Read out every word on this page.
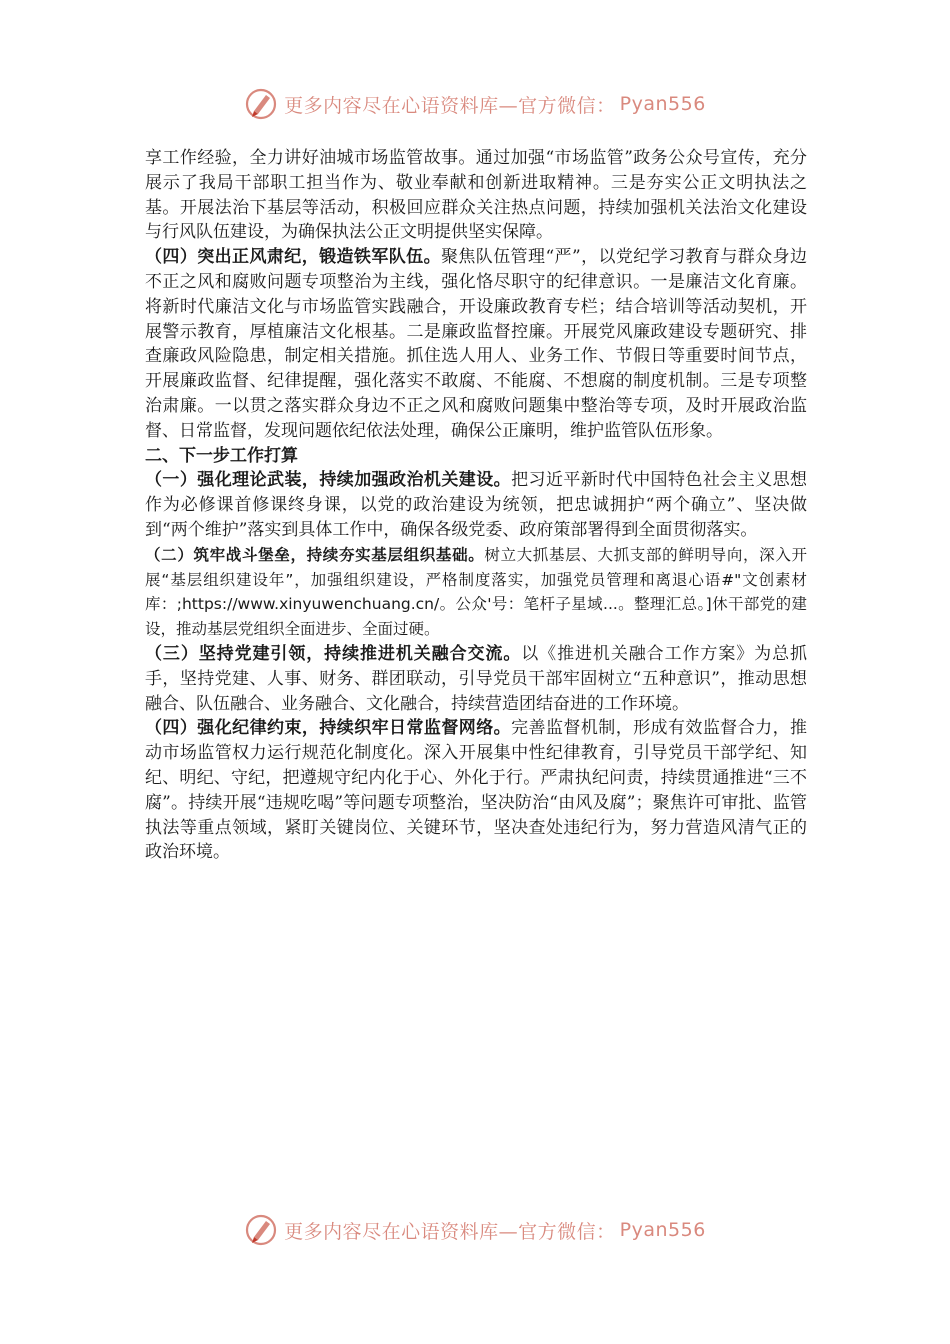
更多内容尽在心语资料库—官方微信： Pyan556

享工作经验，全力讲好油城市场监管故事。通过加强“市场监管”政务公众号宣传，充分展示了我局干部职工担当作为、敬业奉献和创新进取精神。三是夯实公正文明执法之基。开展法治下基层等活动，积极回应群众关注热点问题，持续加强机关法治文化建设与行风队伍建设，为确保执法公正文明提供坚实保障。

（四）突出正风肃纪，锻造铁军队伍。聚焦队伍管理“严”，以党纪学习教育与群众身边不正之风和腐败问题专项整治为主线，强化恪尽职守的纪律意识。一是廉洁文化育廉。将新时代廉洁文化与市场监管实践融合，开设廉政教育专栏；结合培训等活动契机，开展警示教育，厚植廉洁文化根基。二是廉政监督控廉。开展党风廉政建设专题研究、排查廉政风险隐患，制定相关措施。抓住选人用人、业务工作、节假日等重要时间节点，开展廉政监督、纪律提醒，强化落实不敢腐、不能腐、不想腐的制度机制。三是专项整治肃廉。一以贯之落实群众身边不正之风和腐败问题集中整治等专项，及时开展政治监督、日常监督，发现问题依纪依法处理，确保公正廉明，维护监管队伍形象。

二、下一步工作打算

（一）强化理论武装，持续加强政治机关建设。把习近平新时代中国特色社会主义思想作为必修课首修课终身课，以党的政治建设为统领，把忠诚拥护“两个确立”、坚决做到“两个维护”落实到具体工作中，确保各级党委、政府策部署得到全面贯彻落实。

（二）筑牢战斗堡垒，持续夯实基层组织基础。树立大抓基层、大抓支部的鲜明导向，深入开展“基层组织建设年”，加强组织建设，严格制度落实，加强党员管理和离退心语#"文创素材库：;https://www.xinyuwenchuang.cn/。公众'号：笔杆子星域...。整理汇总。]休干部党的建设，推动基层党组织全面进步、全面过硬。

（三）坚持党建引领，持续推进机关融合交流。以《推进机关融合工作方案》为总抓手，坚持党建、人事、财务、群团联动，引导党员干部牢固树立“五种意识”，推动思想融合、队伍融合、业务融合、文化融合，持续营造团结奋进的工作环境。

（四）强化纪律约束，持续织牢日常监督网络。完善监督机制，形成有效监督合力，推动市场监管权力运行规范化制度化。深入开展集中性纪律教育，引导党员干部学纪、知纪、明纪、守纪，把遵规守纪内化于心、外化于行。严肃执纪问责，持续贯通推进“三不腐”。持续开展“违规吃喝”等问题专项整治，坚决防治“由风及腐”；聚焦许可审批、监管执法等重点领域，紧盯关键岗位、关键环节，坚决查处违纪行为，努力营造风清气正的政治环境。

更多内容尽在心语资料库—官方微信： Pyan556
